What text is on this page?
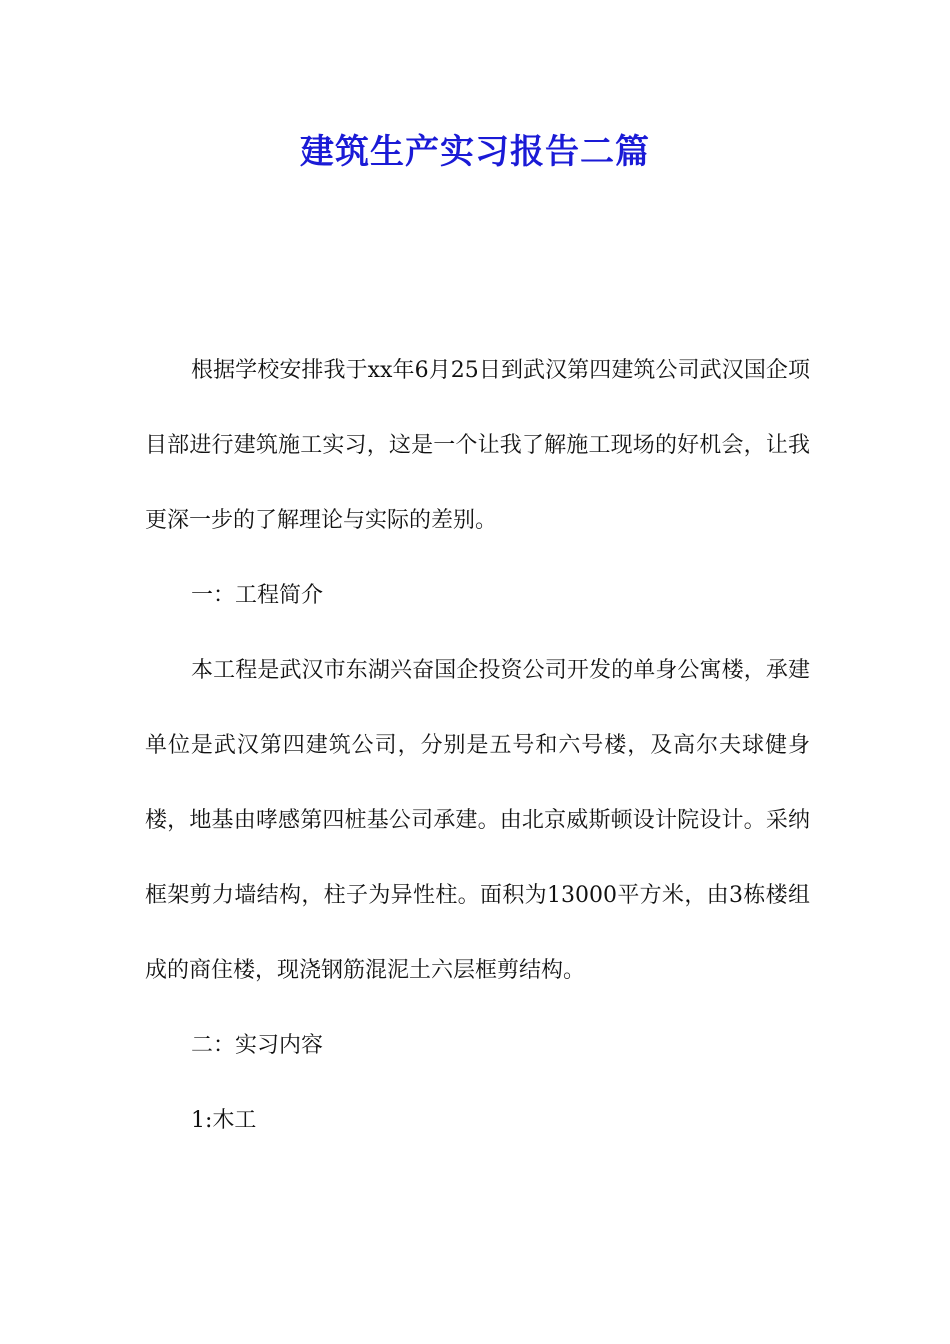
建筑生产实习报告二篇

根据学校安排我于xx年6月25日到武汉第四建筑公司武汉国企项目部进行建筑施工实习，这是一个让我了解施工现场的好机会，让我更深一步的了解理论与实际的差别。

一：工程简介

本工程是武汉市东湖兴奋国企投资公司开发的单身公寓楼，承建单位是武汉第四建筑公司，分别是五号和六号楼，及高尔夫球健身楼，地基由哮感第四桩基公司承建。由北京威斯顿设计院设计。采纳框架剪力墙结构，柱子为异性柱。面积为13000平方米，由3栋楼组成的商住楼，现浇钢筋混泥土六层框剪结构。

二：实习内容

1:木工
